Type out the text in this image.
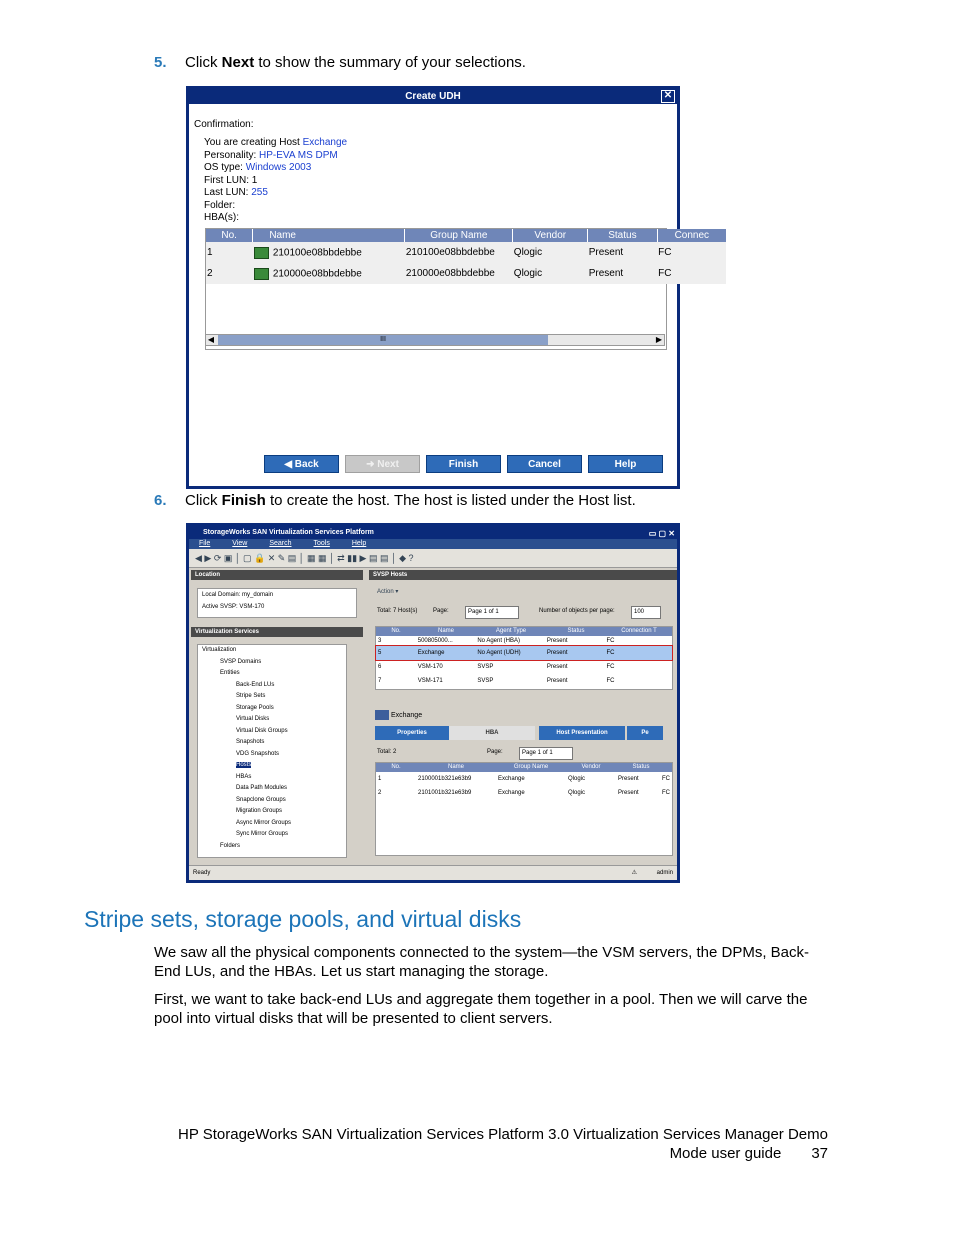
5. Click Next to show the summary of your selections.
Create UDH	✕
Confirmation:
You are creating Host Exchange
Personality: HP-EVA MS DPM
OS type: Windows 2003
First LUN: 1
Last LUN: 255
Folder:
HBA(s):
No.	Name	Group Name	Vendor	Status	Connec
1	210100e08bbdebbe	210100e08bbdebbe	Qlogic	Present	FC
2	210000e08bbdebbe	210000e08bbdebbe	Qlogic	Present	FC
◀	III	▶
◀ Back	➜ Next	Finish	Cancel	Help
6. Click Finish to create the host. The host is listed under the Host list.
StorageWorks SAN Virtualization Services Platform	▭ ▢ ✕
File	View	Search	Tools	Help
◀ ▶ ⟳ ▣ │ ▢ 🔒 ✕ ✎ ▤ │ ▦ ▦ │ ⇄ ▮▮ ▶ ▤ ▤ │ ◆ ?
Location
Local Domain: my_domain
Active SVSP: VSM-170
Virtualization Services
Virtualization
SVSP Domains
Entities
Back-End LUs
Stripe Sets
Storage Pools
Virtual Disks
Virtual Disk Groups
Snapshots
VDG Snapshots
Hosts
HBAs
Data Path Modules
Snapclone Groups
Migration Groups
Async Mirror Groups
Sync Mirror Groups
Folders
SVSP Hosts
Action ▾
Total: 7 Host(s)	Page:	Page 1 of 1	Number of objects per page:	100
No.	Name	Agent Type	Status	Connection T
3	500805000...	No Agent (HBA)	Present	FC
5	Exchange	No Agent (UDH)	Present	FC
6	VSM-170	SVSP	Present	FC
7	VSM-171	SVSP	Present	FC
Exchange
Properties	HBA	Host Presentation	Pe
Total: 2	Page:	Page 1 of 1
No.	Name	Group Name	Vendor	Status
1	2100001b321e63b9	Exchange	Qlogic	Present	FC
2	2101001b321e63b9	Exchange	Qlogic	Present	FC
Ready	⚠	admin
Stripe sets, storage pools, and virtual disks
We saw all the physical components connected to the system—the VSM servers, the DPMs, Back-End LUs, and the HBAs. Let us start managing the storage.
First, we want to take back-end LUs and aggregate them together in a pool. Then we will carve the pool into virtual disks that will be presented to client servers.
HP StorageWorks SAN Virtualization Services Platform 3.0 Virtualization Services Manager Demo
Mode user guide 37
